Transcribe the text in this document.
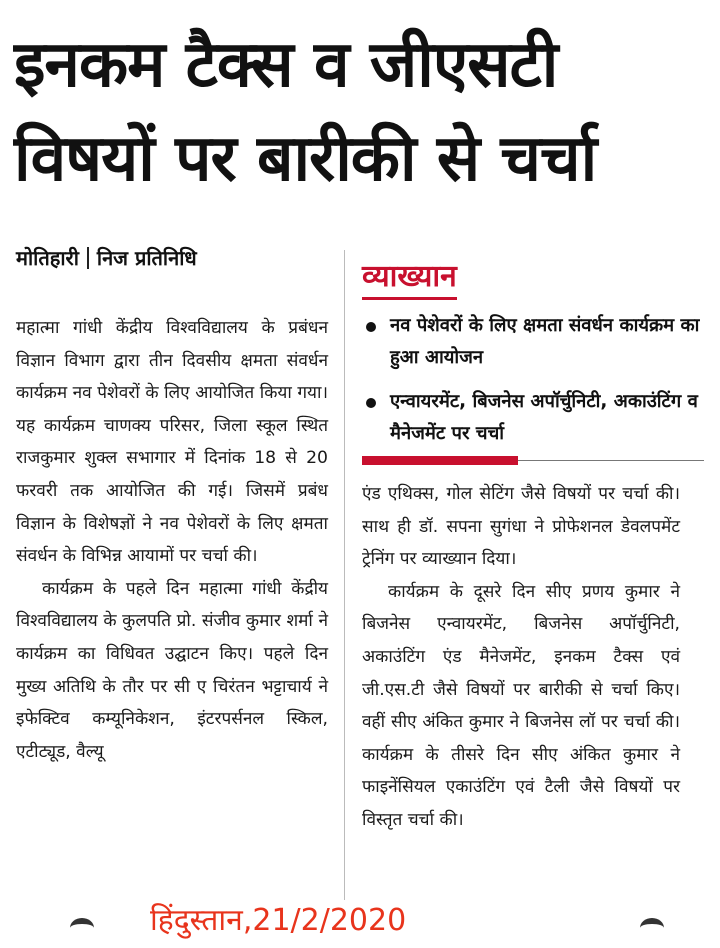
इनकम टैक्स व जीएसटी
विषयों पर बारीकी से चर्चा
मोतिहारी निज प्रतिनिधि

महात्मा गांधी केंद्रीय विश्वविद्यालय के प्रबंधन विज्ञान विभाग द्वारा तीन दिवसीय क्षमता संवर्धन कार्यक्रम नव पेशेवरों के लिए आयोजित किया गया। यह कार्यक्रम चाणक्य परिसर, जिला स्कूल स्थित राजकुमार शुक्ल सभागार में दिनांक 18 से 20 फरवरी तक आयोजित की गई। जिसमें प्रबंध विज्ञान के विशेषज्ञों ने नव पेशेवरों के लिए क्षमता संवर्धन के विभिन्न आयामों पर चर्चा की।

कार्यक्रम के पहले दिन महात्मा गांधी केंद्रीय विश्वविद्यालय के कुलपति प्रो. संजीव कुमार शर्मा ने कार्यक्रम का विधिवत उद्घाटन किए। पहले दिन मुख्य अतिथि के तौर पर सी ए चिरंतन भट्टाचार्य ने इफेक्टिव कम्यूनिकेशन, इंटरपर्सनल स्किल, एटीट्यूड, वैल्यू

व्याख्यान
नव पेशेवरों के लिए क्षमता संवर्धन कार्यक्रम का हुआ आयोजन
एन्वायरमेंट, बिजनेस अपॉर्चुनिटी, अकाउंटिंग व मैनेजमेंट पर चर्चा

एंड एथिक्स, गोल सेटिंग जैसे विषयों पर चर्चा की। साथ ही डॉ. सपना सुगंधा ने प्रोफेशनल डेवलपमेंट ट्रेनिंग पर व्याख्यान दिया।

कार्यक्रम के दूसरे दिन सीए प्रणय कुमार ने बिजनेस एन्वायरमेंट, बिजनेस अपॉर्चुनिटी, अकाउंटिंग एंड मैनेजमेंट, इनकम टैक्स एवं जी.एस.टी जैसे विषयों पर बारीकी से चर्चा किए। वहीं सीए अंकित कुमार ने बिजनेस लॉ पर चर्चा की। कार्यक्रम के तीसरे दिन सीए अंकित कुमार ने फाइनेंसियल एकाउंटिंग एवं टैली जैसे विषयों पर विस्तृत चर्चा की।

हिंदुस्तान,21/2/2020
